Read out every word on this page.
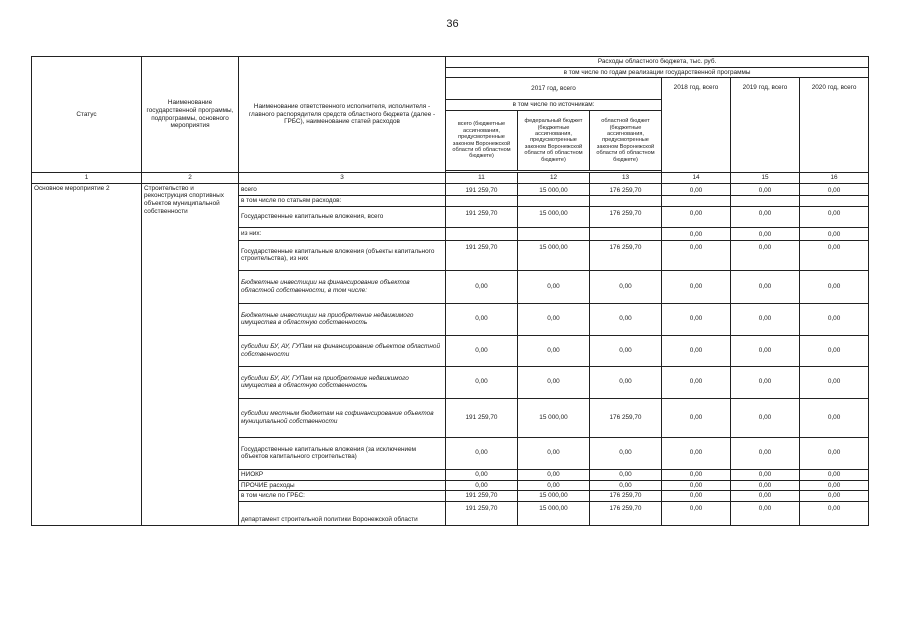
36
Статус	Наименование государственной программы, подпрограммы, основного мероприятия	Наименование ответственного исполнителя, исполнителя - главного распорядителя средств областного бюджета (далее - ГРБС), наименование статей расходов	Расходы областного бюджета, тыс. руб.					
			в том числе по годам реализации государственной программы					
			2017 год, всего			2018 год, всего	2019 год, всего	2020 год, всего
			в том числе по источникам:					
			всего (бюджетные ассигнования, предусмотренные законом Воронежской области об областном бюджете)	федеральный бюджет (бюджетные ассигнования, предусмотренные законом Воронежской области об областном бюджете)	областной бюджет (бюджетные ассигнования, предусмотренные законом Воронежской области об областном бюджете)			

1	2	3	11	12	13	14	15	16
Основное мероприятие 2	Строительство и реконструкция спортивных объектов муниципальной собственности	всего	191 259,70	15 000,00	176 259,70	0,00	0,00	0,00
		в том числе по статьям расходов:						
		Государственные капитальные вложения, всего	191 259,70	15 000,00	176 259,70	0,00	0,00	0,00
		из них:				0,00	0,00	0,00
		Государственные капитальные вложения (объекты капитального строительства), из них	191 259,70	15 000,00	176 259,70	0,00	0,00	0,00
		Бюджетные инвестиции на финансирование объектов областной собственности, в том числе:	0,00	0,00	0,00	0,00	0,00	0,00
		Бюджетные инвестиции на приобретение недвижимого имущества в областную собственность	0,00	0,00	0,00	0,00	0,00	0,00
		субсидии БУ, АУ, ГУПам на финансирование объектов областной собственности	0,00	0,00	0,00	0,00	0,00	0,00
		субсидии БУ, АУ, ГУПам на приобретение недвижимого имущества в областную собственность	0,00	0,00	0,00	0,00	0,00	0,00
		субсидии местным бюджетам на софинансирование объектов муниципальной собственности	191 259,70	15 000,00	176 259,70	0,00	0,00	0,00
		Государственные капитальные вложения (за исключением объектов капитального строительства)	0,00	0,00	0,00	0,00	0,00	0,00
		НИОКР	0,00	0,00	0,00	0,00	0,00	0,00
		ПРОЧИЕ расходы	0,00	0,00	0,00	0,00	0,00	0,00
		в том числе по ГРБС:	191 259,70	15 000,00	176 259,70	0,00	0,00	0,00
		департамент строительной политики Воронежской области	191 259,70	15 000,00	176 259,70	0,00	0,00	0,00
